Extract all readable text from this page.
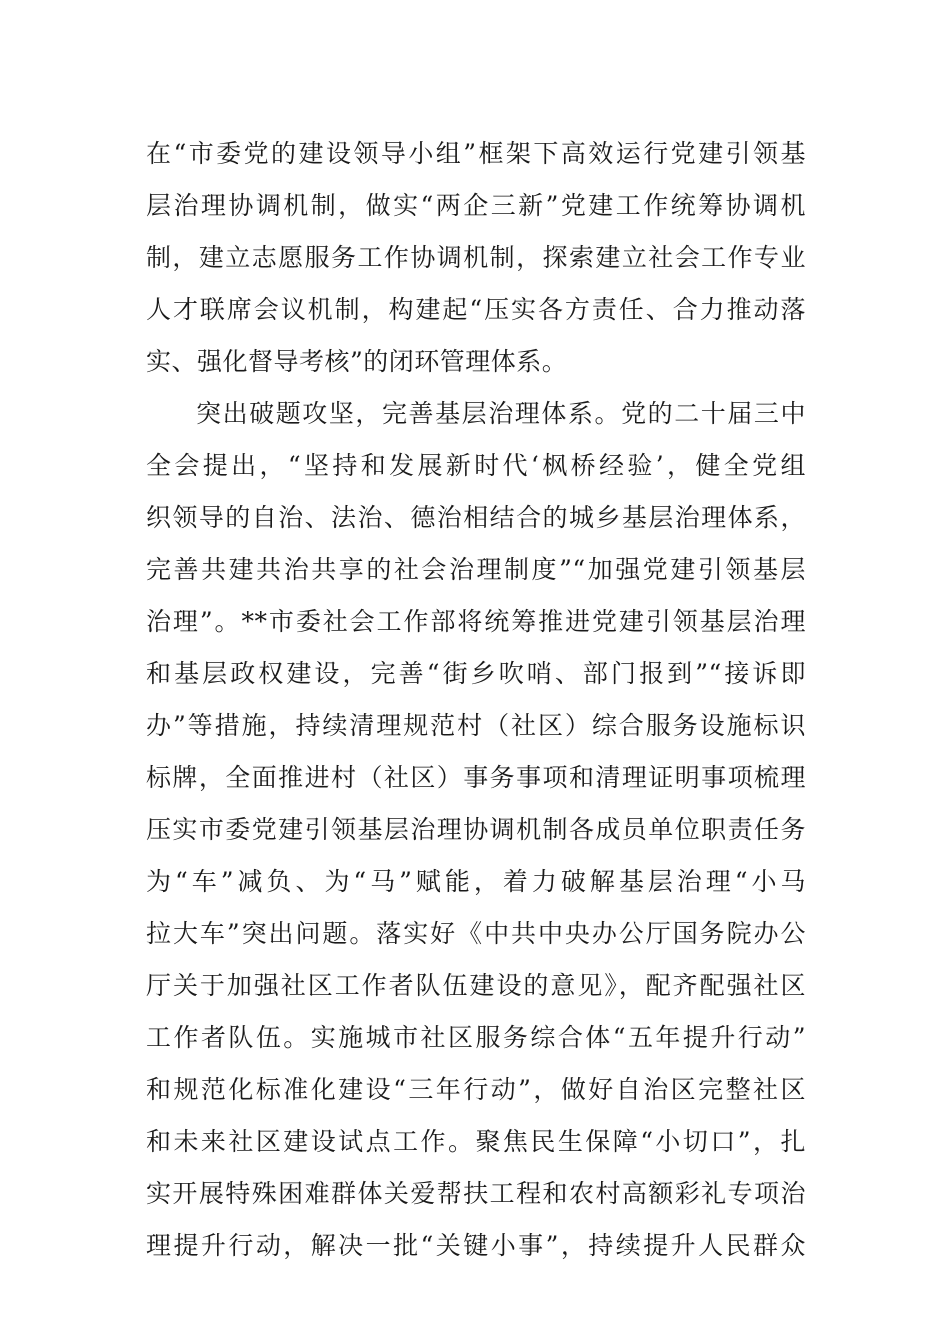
在“市委党的建设领导小组”框架下高效运行党建引领基
层治理协调机制，做实“两企三新”党建工作统筹协调机
制，建立志愿服务工作协调机制，探索建立社会工作专业
人才联席会议机制，构建起“压实各方责任、合力推动落
实、强化督导考核”的闭环管理体系。
突出破题攻坚，完善基层治理体系。党的二十届三中
全会提出，“坚持和发展新时代‘枫桥经验’，健全党组
织领导的自治、法治、德治相结合的城乡基层治理体系，
完善共建共治共享的社会治理制度”“加强党建引领基层
治理”。**市委社会工作部将统筹推进党建引领基层治理
和基层政权建设，完善“街乡吹哨、部门报到”“接诉即
办”等措施，持续清理规范村（社区）综合服务设施标识
标牌，全面推进村（社区）事务事项和清理证明事项梳理
压实市委党建引领基层治理协调机制各成员单位职责任务
为“车”减负、为“马”赋能，着力破解基层治理“小马
拉大车”突出问题。落实好《中共中央办公厅国务院办公
厅关于加强社区工作者队伍建设的意见》，配齐配强社区
工作者队伍。实施城市社区服务综合体“五年提升行动”
和规范化标准化建设“三年行动”，做好自治区完整社区
和未来社区建设试点工作。聚焦民生保障“小切口”，扎
实开展特殊困难群体关爱帮扶工程和农村高额彩礼专项治
理提升行动，解决一批“关键小事”，持续提升人民群众
